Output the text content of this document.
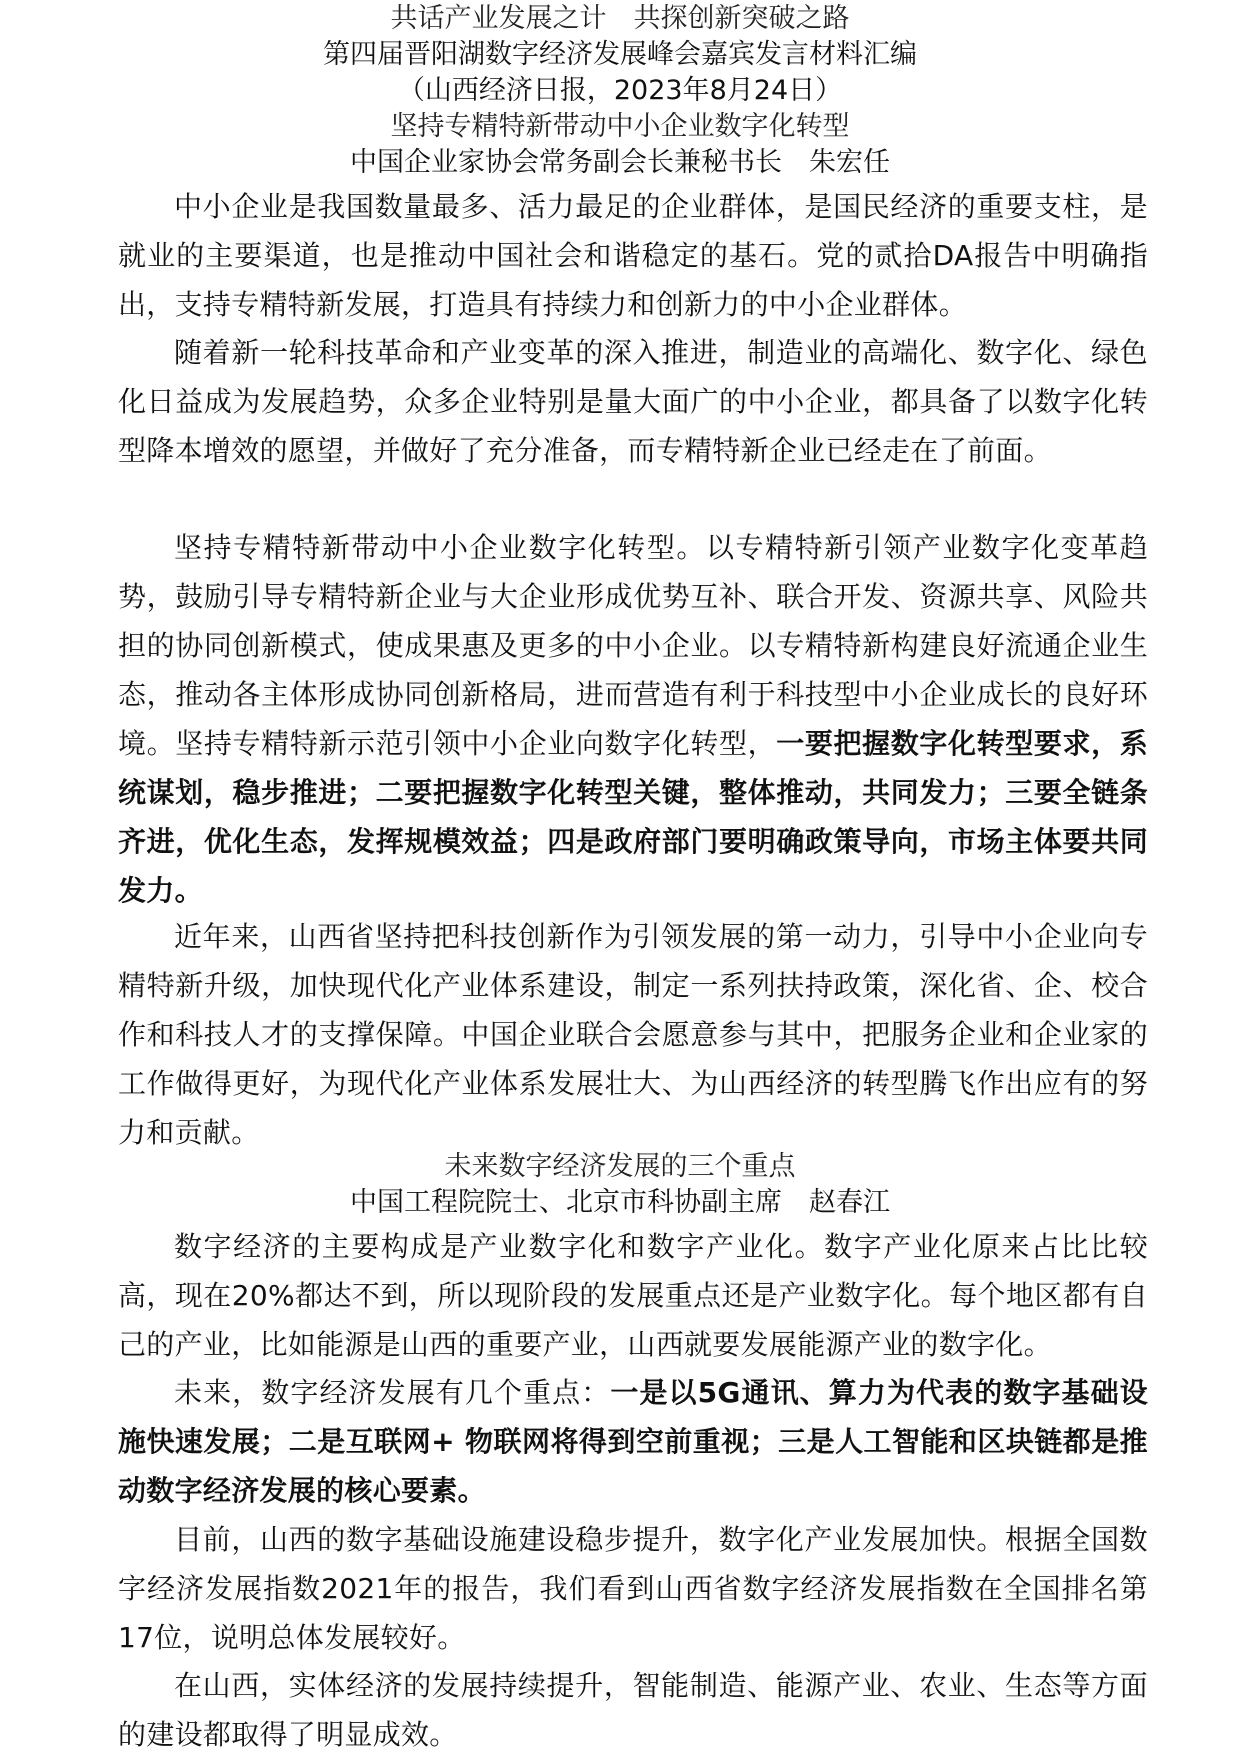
共话产业发展之计　共探创新突破之路

第四届晋阳湖数字经济发展峰会嘉宾发言材料汇编

（山西经济日报，2023年8月24日）

坚持专精特新带动中小企业数字化转型

中国企业家协会常务副会长兼秘书长　朱宏任

中小企业是我国数量最多、活力最足的企业群体，是国民经济的重要支柱，是就业的主要渠道，也是推动中国社会和谐稳定的基石。党的贰拾DA报告中明确指出，支持专精特新发展，打造具有持续力和创新力的中小企业群体。

随着新一轮科技革命和产业变革的深入推进，制造业的高端化、数字化、绿色化日益成为发展趋势，众多企业特别是量大面广的中小企业，都具备了以数字化转型降本增效的愿望，并做好了充分准备，而专精特新企业已经走在了前面。

坚持专精特新带动中小企业数字化转型。以专精特新引领产业数字化变革趋势，鼓励引导专精特新企业与大企业形成优势互补、联合开发、资源共享、风险共担的协同创新模式，使成果惠及更多的中小企业。以专精特新构建良好流通企业生态，推动各主体形成协同创新格局，进而营造有利于科技型中小企业成长的良好环境。坚持专精特新示范引领中小企业向数字化转型，一要把握数字化转型要求，系统谋划，稳步推进；二要把握数字化转型关键，整体推动，共同发力；三要全链条齐进，优化生态，发挥规模效益；四是政府部门要明确政策导向，市场主体要共同发力。

近年来，山西省坚持把科技创新作为引领发展的第一动力，引导中小企业向专精特新升级，加快现代化产业体系建设，制定一系列扶持政策，深化省、企、校合作和科技人才的支撑保障。中国企业联合会愿意参与其中，把服务企业和企业家的工作做得更好，为现代化产业体系发展壮大、为山西经济的转型腾飞作出应有的努力和贡献。

未来数字经济发展的三个重点

中国工程院院士、北京市科协副主席　赵春江

数字经济的主要构成是产业数字化和数字产业化。数字产业化原来占比比较高，现在20%都达不到，所以现阶段的发展重点还是产业数字化。每个地区都有自己的产业，比如能源是山西的重要产业，山西就要发展能源产业的数字化。

未来，数字经济发展有几个重点：一是以5G通讯、算力为代表的数字基础设施快速发展；二是互联网+ 物联网将得到空前重视；三是人工智能和区块链都是推动数字经济发展的核心要素。

目前，山西的数字基础设施建设稳步提升，数字化产业发展加快。根据全国数字经济发展指数2021年的报告，我们看到山西省数字经济发展指数在全国排名第17位，说明总体发展较好。

在山西，实体经济的发展持续提升，智能制造、能源产业、农业、生态等方面的建设都取得了明显成效。
